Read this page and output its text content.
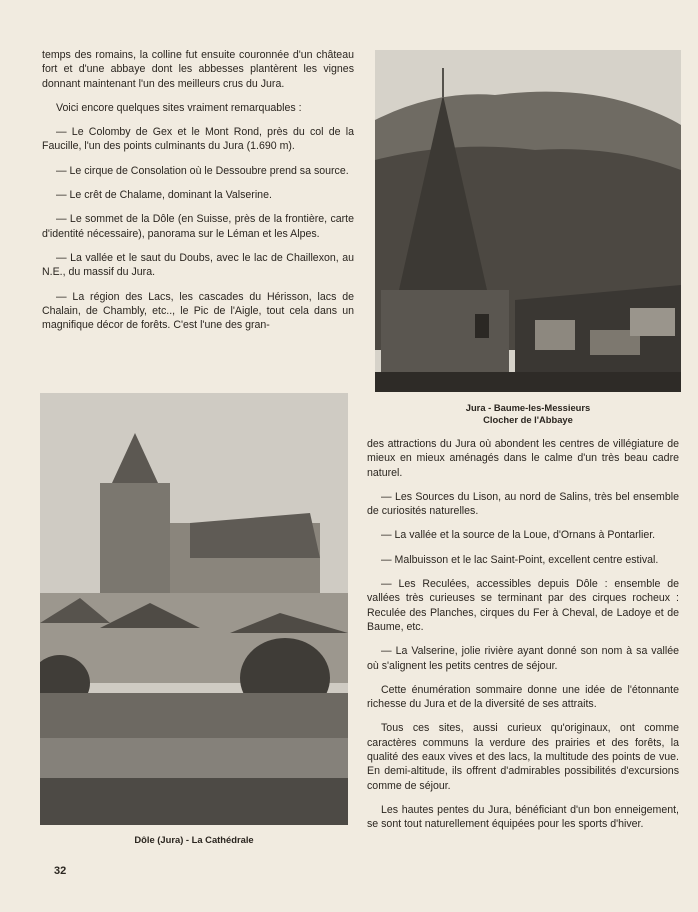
temps des romains, la colline fut ensuite couronnée d'un château fort et d'une abbaye dont les abbesses plantèrent les vignes donnant maintenant l'un des meilleurs crus du Jura.

Voici encore quelques sites vraiment remarquables :

— Le Colomby de Gex et le Mont Rond, près du col de la Faucille, l'un des points culminants du Jura (1.690 m).

— Le cirque de Consolation où le Dessoubre prend sa source.

— Le crêt de Chalame, dominant la Valserine.

— Le sommet de la Dôle (en Suisse, près de la frontière, carte d'identité nécessaire), panorama sur le Léman et les Alpes.

— La vallée et le saut du Doubs, avec le lac de Chaillexon, au N.E., du massif du Jura.

— La région des Lacs, les cascades du Hérisson, lacs de Chalain, de Chambly, etc.., le Pic de l'Aigle, tout cela dans un magnifique décor de forêts. C'est l'une des gran-

Jura - Baume-les-Messieurs
Clocher de l'Abbaye
Dôle (Jura) - La Cathédrale

des attractions du Jura où abondent les centres de villégiature de mieux en mieux aménagés dans le calme d'un très beau cadre naturel.

— Les Sources du Lison, au nord de Salins, très bel ensemble de curiosités naturelles.

— La vallée et la source de la Loue, d'Ornans à Pontarlier.

— Malbuisson et le lac Saint-Point, excellent centre estival.

— Les Reculées, accessibles depuis Dôle : ensemble de vallées très curieuses se terminant par des cirques rocheux : Reculée des Planches, cirques du Fer à Cheval, de Ladoye et de Baume, etc.

— La Valserine, jolie rivière ayant donné son nom à sa vallée où s'alignent les petits centres de séjour.

Cette énumération sommaire donne une idée de l'étonnante richesse du Jura et de la diversité de ses attraits.

Tous ces sites, aussi curieux qu'originaux, ont comme caractères communs la verdure des prairies et des forêts, la qualité des eaux vives et des lacs, la multitude des points de vue. En demi-altitude, ils offrent d'admirables possibilités d'excursions comme de séjour.

Les hautes pentes du Jura, bénéficiant d'un bon enneigement, se sont tout naturellement équipées pour les sports d'hiver.

32
